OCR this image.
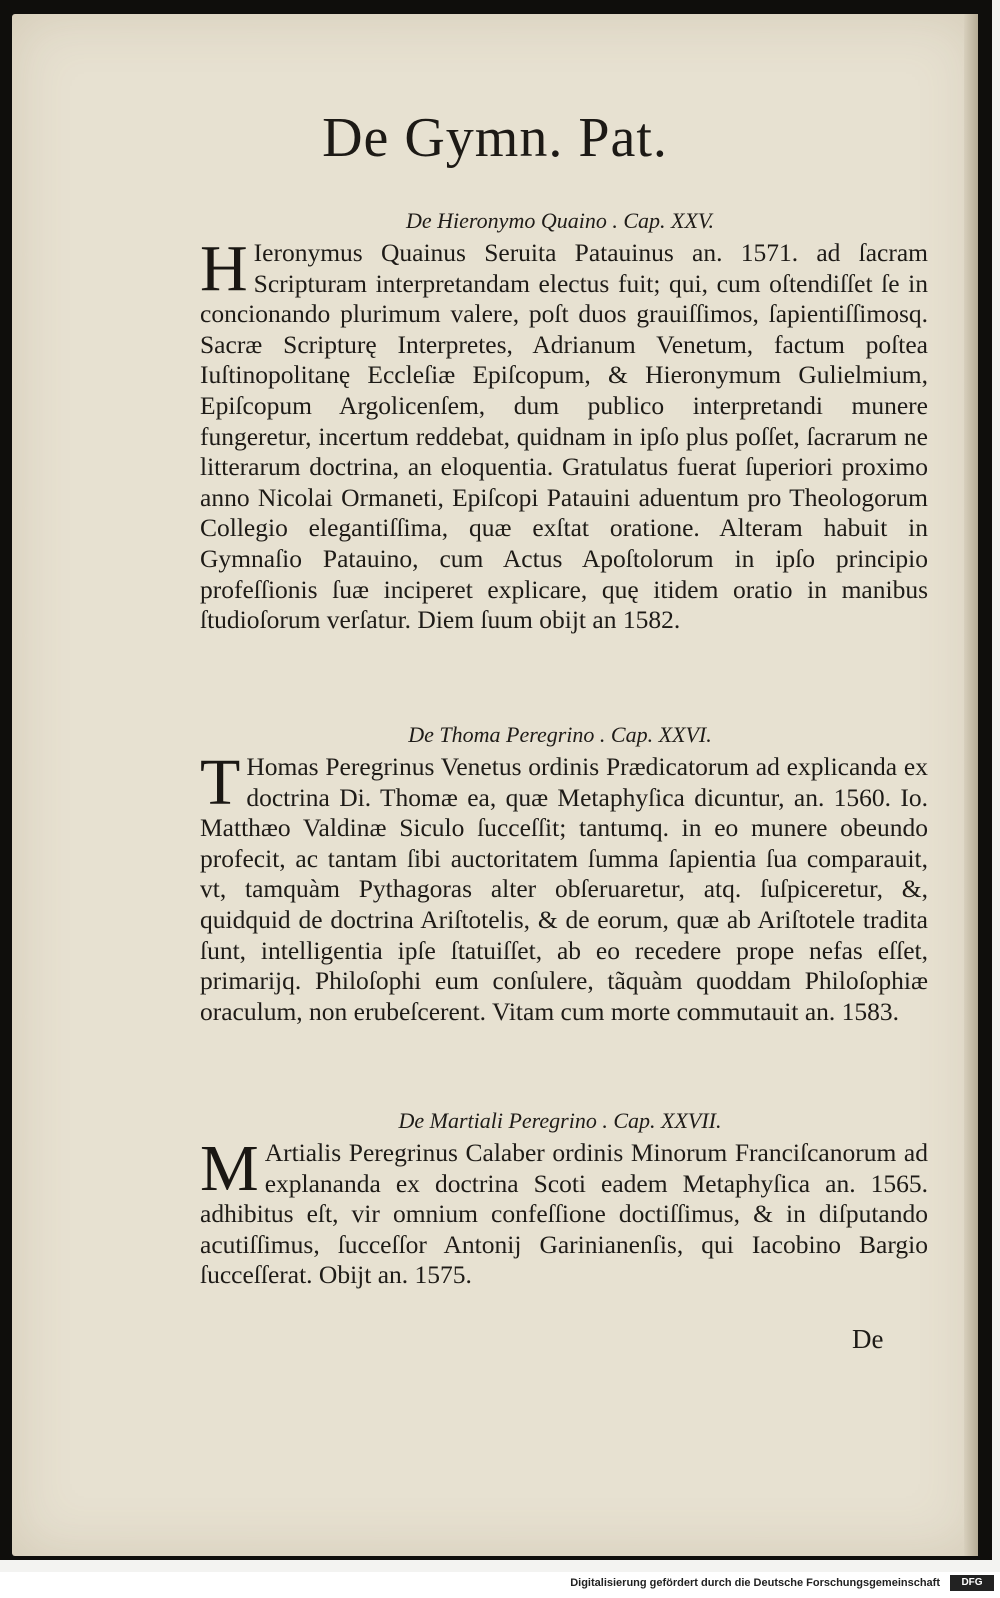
De Gymn. Pat.
De Hieronymo Quaino . Cap. XXV.
H Ieronymus Quainus Seruita Patauinus an. 1571. ad ſacram Scripturam interpretandam electus fuit; qui, cum oſtendiſſet ſe in concionando plurimum valere, poſt duos grauiſſimos, ſapientiſſimosq. Sacræ Scripturę Interpretes, Adrianum Venetum, factum poſtea Iuſtinopolitanę Eccleſiæ Epiſcopum, & Hieronymum Gulielmium, Epiſcopum Argolicenſem, dum publico interpretandi munere fungeretur, incertum reddebat, quidnam in ipſo plus poſſet, ſacrarum ne litterarum doctrina, an eloquentia. Gratulatus fuerat ſuperiori proximo anno Nicolai Ormaneti, Epiſcopi Patauini aduentum pro Theologorum Collegio elegantiſſima, quæ exſtat oratione. Alteram habuit in Gymnaſio Patauino, cum Actus Apoſtolorum in ipſo principio profeſſionis ſuæ inciperet explicare, quę itidem oratio in manibus ſtudioſorum verſatur. Diem ſuum obijt an 1582.
De Thoma Peregrino . Cap. XXVI.
T Homas Peregrinus Venetus ordinis Prædicatorum ad explicanda ex doctrina Di. Thomæ ea, quæ Metaphyſica dicuntur, an. 1560. Io. Matthæo Valdinæ Siculo ſucceſſit; tantumq. in eo munere obeundo profecit, ac tantam ſibi auctoritatem ſumma ſapientia ſua comparauit, vt, tamquàm Pythagoras alter obſeruaretur, atq. ſuſpiceretur, &, quidquid de doctrina Ariſtotelis, & de eorum, quæ ab Ariſtotele tradita ſunt, intelligentia ipſe ſtatuiſſet, ab eo recedere prope nefas eſſet, primarijq. Philoſophi eum conſulere, tãquàm quoddam Philoſophiæ oraculum, non erubeſcerent. Vitam cum morte commutauit an. 1583.
De Martiali Peregrino . Cap. XXVII.
M Artialis Peregrinus Calaber ordinis Minorum Franciſcanorum ad explananda ex doctrina Scoti eadem Metaphyſica an. 1565. adhibitus eſt, vir omnium confeſſione doctiſſimus, & in diſputando acutiſſimus, ſucceſſor Antonij Garinianenſis, qui Iacobino Bargio ſucceſſerat. Obijt an. 1575.
De
Digitalisierung gefördert durch die Deutsche Forschungsgemeinschaft	DFG
